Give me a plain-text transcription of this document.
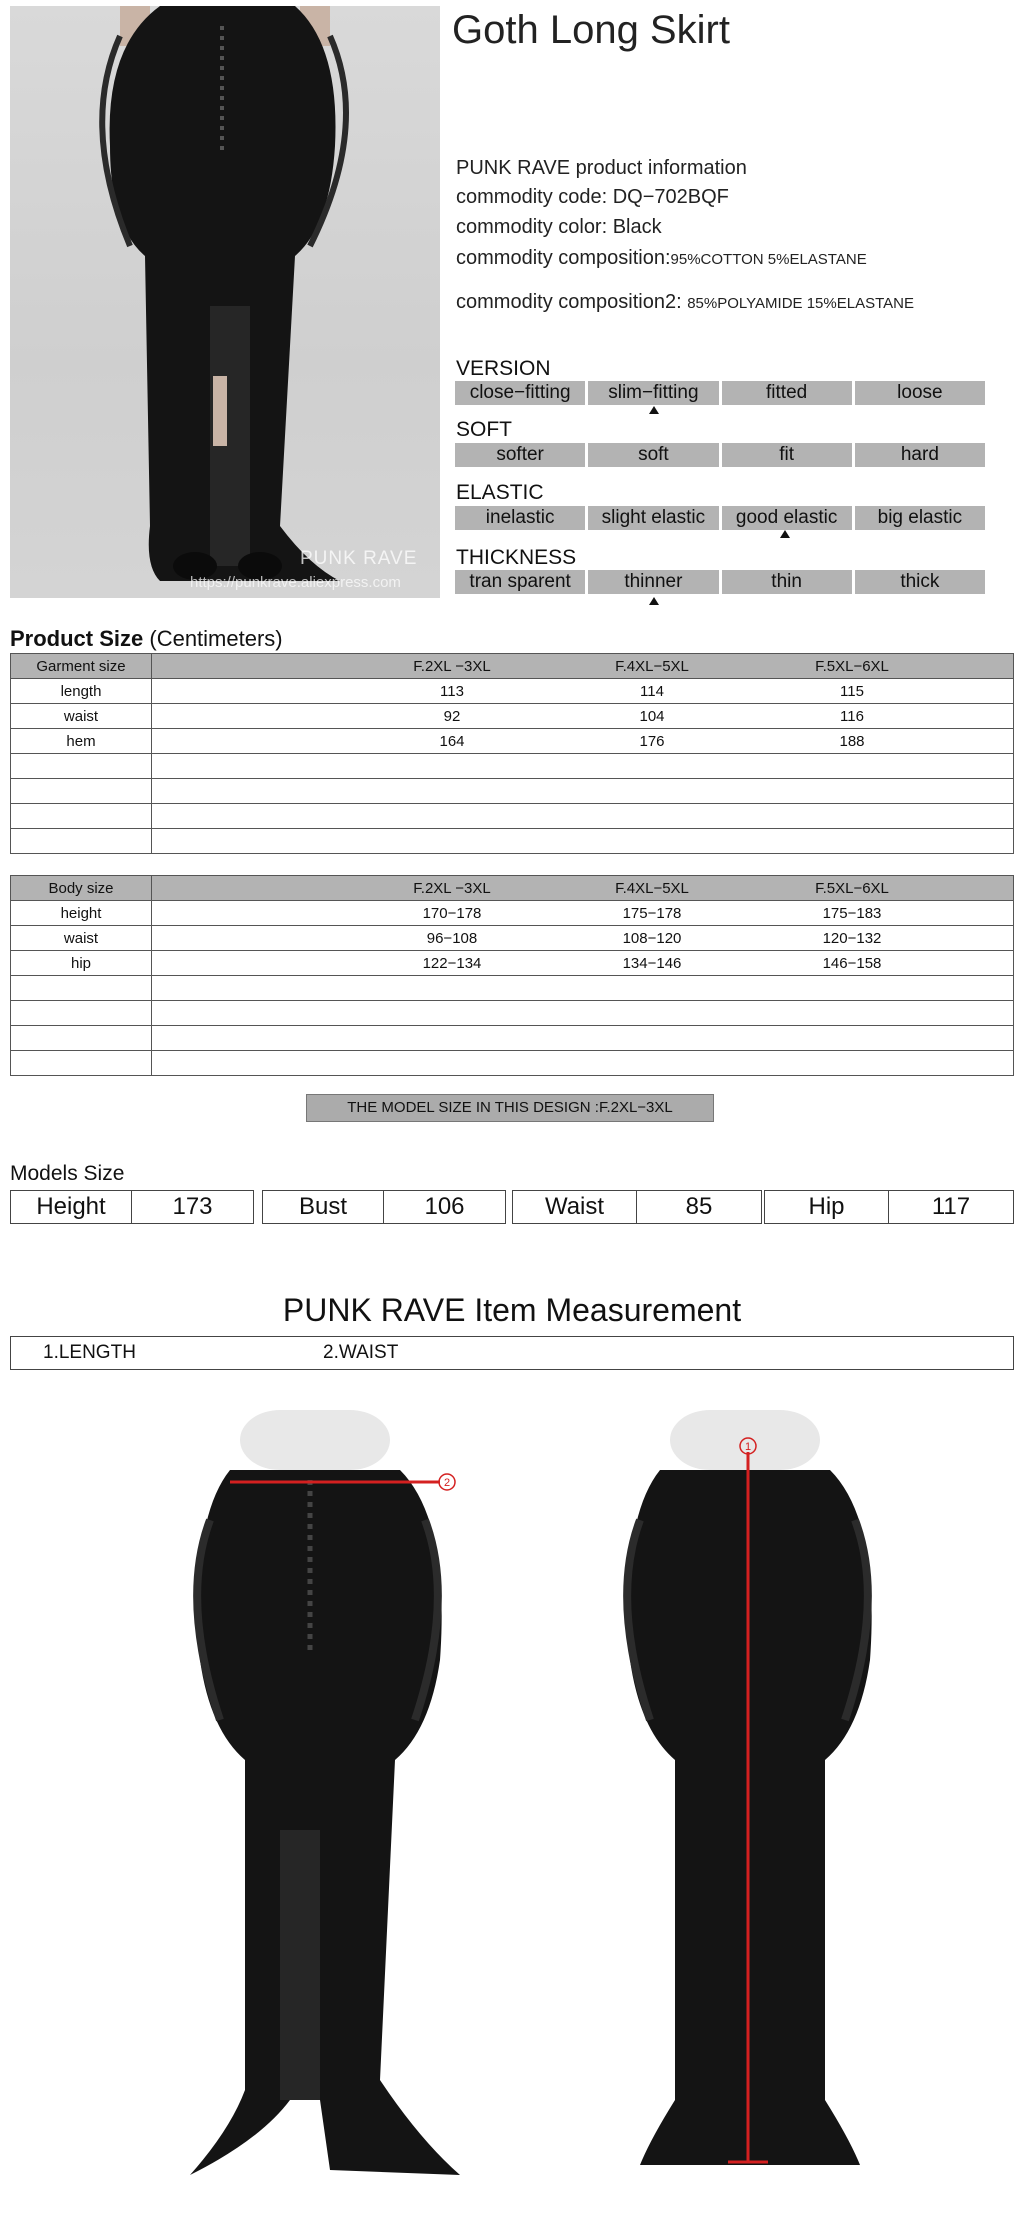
PUNK RAVE
https://punkrave.aliexpress.com
Goth Long Skirt
PUNK RAVE product information
commodity code: DQ−702BQF
commodity color: Black
commodity composition:95%COTTON 5%ELASTANE
commodity composition2: 85%POLYAMIDE 15%ELASTANE
VERSION
close−fitting	slim−fitting	fitted	loose
SOFT
softer	soft	fit	hard
ELASTIC
inelastic	slight elastic	good elastic	big elastic
THICKNESS
tran sparent	thinner	thin	thick
Product Size (Centimeters)
Garment size	F.2XL −3XL F.4XL−5XL F.5XL−6XL

length	113 114 115

waist	92 104 116

hem	164 176 188

Body size	F.2XL −3XL F.4XL−5XL F.5XL−6XL

height	170−178 175−178 175−183

waist	96−108 108−120 120−132

hip	122−134 134−146 146−158

THE MODEL SIZE IN THIS DESIGN :F.2XL−3XL
Models Size
Height	173	Bust	106	Waist	85	Hip	117
PUNK RAVE Item Measurement
1.LENGTH	2.WAIST
2
1
